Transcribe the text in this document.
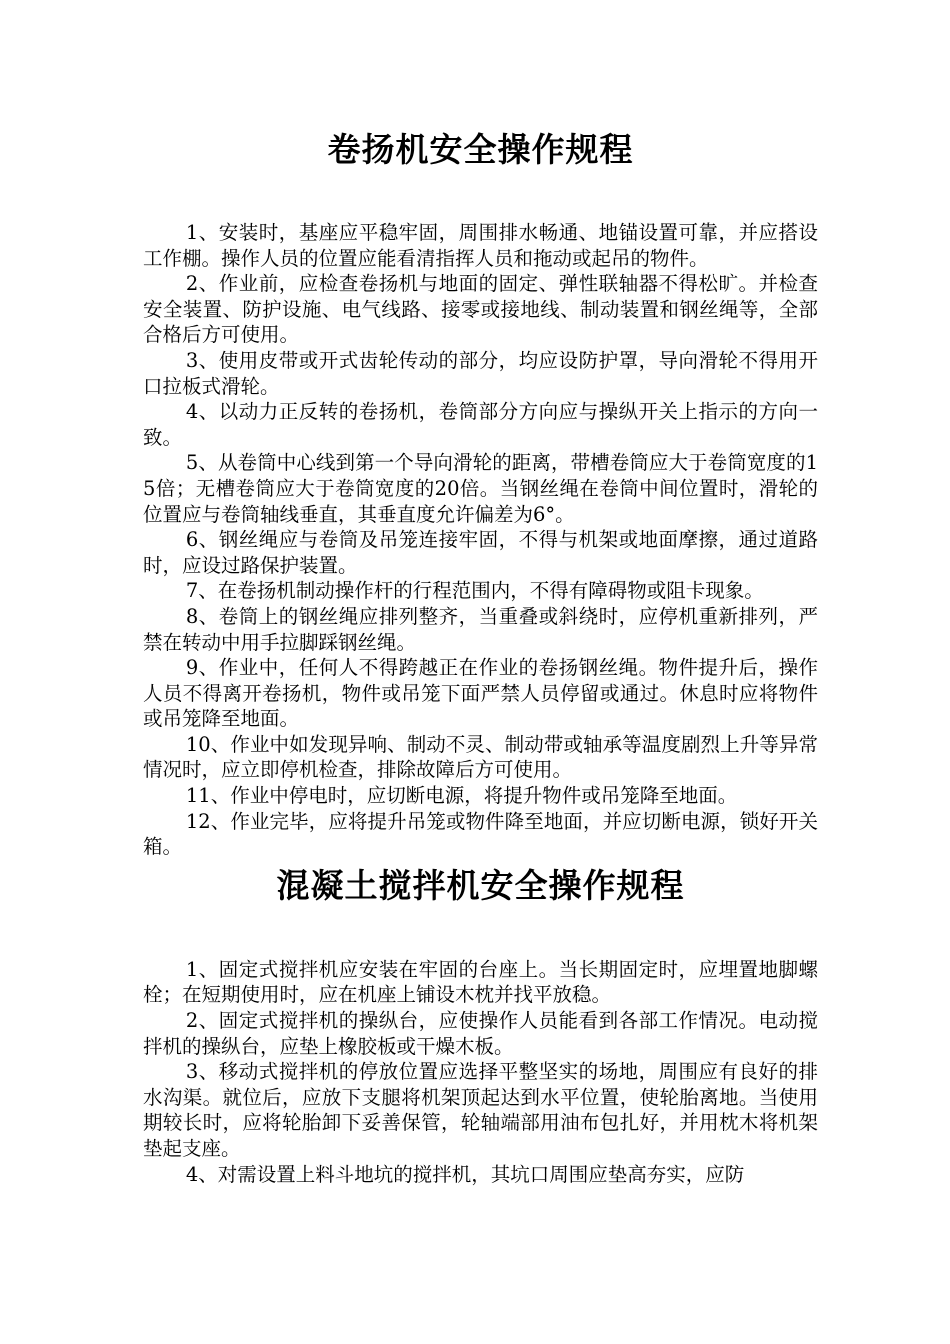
卷扬机安全操作规程

1、安装时，基座应平稳牢固，周围排水畅通、地锚设置可靠，并应搭设工作棚。操作人员的位置应能看清指挥人员和拖动或起吊的物件。

2、作业前，应检查卷扬机与地面的固定、弹性联轴器不得松旷。并检查安全装置、防护设施、电气线路、接零或接地线、制动装置和钢丝绳等，全部合格后方可使用。

3、使用皮带或开式齿轮传动的部分，均应设防护罩，导向滑轮不得用开口拉板式滑轮。

4、以动力正反转的卷扬机，卷筒部分方向应与操纵开关上指示的方向一致。

5、从卷筒中心线到第一个导向滑轮的距离，带槽卷筒应大于卷筒宽度的15倍；无槽卷筒应大于卷筒宽度的20倍。当钢丝绳在卷筒中间位置时，滑轮的位置应与卷筒轴线垂直，其垂直度允许偏差为6°。

6、钢丝绳应与卷筒及吊笼连接牢固，不得与机架或地面摩擦，通过道路时，应设过路保护装置。

7、在卷扬机制动操作杆的行程范围内，不得有障碍物或阻卡现象。

8、卷筒上的钢丝绳应排列整齐，当重叠或斜绕时，应停机重新排列，严禁在转动中用手拉脚踩钢丝绳。

9、作业中，任何人不得跨越正在作业的卷扬钢丝绳。物件提升后，操作人员不得离开卷扬机，物件或吊笼下面严禁人员停留或通过。休息时应将物件或吊笼降至地面。

10、作业中如发现异响、制动不灵、制动带或轴承等温度剧烈上升等异常情况时，应立即停机检查，排除故障后方可使用。

11、作业中停电时，应切断电源，将提升物件或吊笼降至地面。

12、作业完毕，应将提升吊笼或物件降至地面，并应切断电源，锁好开关箱。

混凝土搅拌机安全操作规程

1、固定式搅拌机应安装在牢固的台座上。当长期固定时，应埋置地脚螺栓；在短期使用时，应在机座上铺设木枕并找平放稳。

2、固定式搅拌机的操纵台，应使操作人员能看到各部工作情况。电动搅拌机的操纵台，应垫上橡胶板或干燥木板。

3、移动式搅拌机的停放位置应选择平整坚实的场地，周围应有良好的排水沟渠。就位后，应放下支腿将机架顶起达到水平位置，使轮胎离地。当使用期较长时，应将轮胎卸下妥善保管，轮轴端部用油布包扎好，并用枕木将机架垫起支座。

4、对需设置上料斗地坑的搅拌机，其坑口周围应垫高夯实，应防
